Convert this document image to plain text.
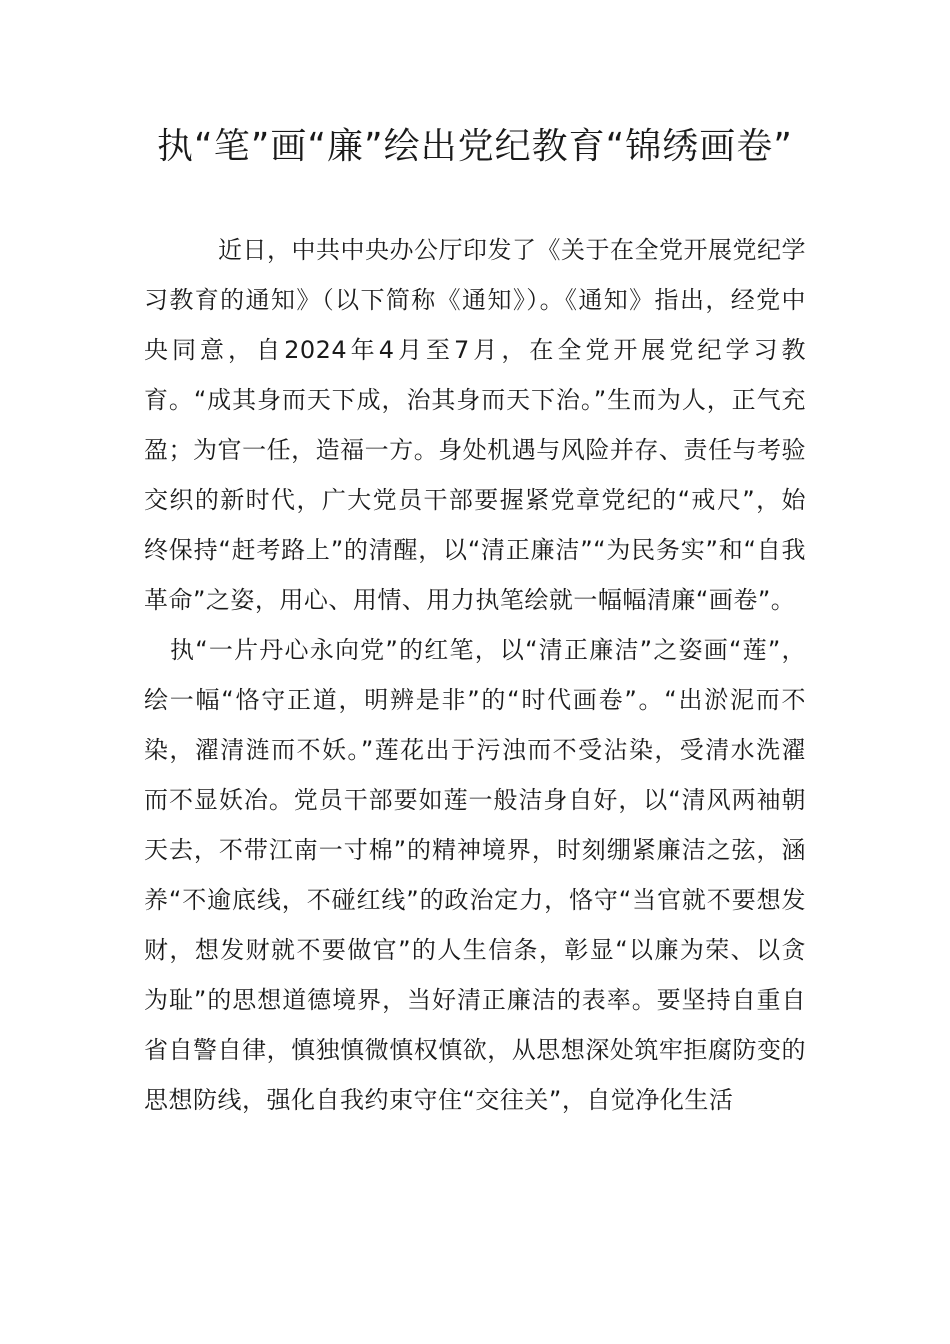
执“笔”画“廉”绘出党纪教育“锦绣画卷”

近日，中共中央办公厅印发了《关于在全党开展党纪学习教育的通知》（以下简称《通知》）。《通知》指出，经党中央同意，自2024年4月至7月，在全党开展党纪学习教育。“成其身而天下成，治其身而天下治。”生而为人，正气充盈；为官一任，造福一方。身处机遇与风险并存、责任与考验交织的新时代，广大党员干部要握紧党章党纪的“戒尺”，始终保持“赶考路上”的清醒，以“清正廉洁”“为民务实”和“自我革命”之姿，用心、用情、用力执笔绘就一幅幅清廉“画卷”。

执“一片丹心永向党”的红笔，以“清正廉洁”之姿画“莲”，绘一幅“恪守正道，明辨是非”的“时代画卷”。“出淤泥而不染，濯清涟而不妖。”莲花出于污浊而不受沾染，受清水洗濯而不显妖冶。党员干部要如莲一般洁身自好，以“清风两袖朝天去，不带江南一寸棉”的精神境界，时刻绷紧廉洁之弦，涵养“不逾底线，不碰红线”的政治定力，恪守“当官就不要想发财，想发财就不要做官”的人生信条，彰显“以廉为荣、以贪为耻”的思想道德境界，当好清正廉洁的表率。要坚持自重自省自警自律，慎独慎微慎权慎欲，从思想深处筑牢拒腐防变的思想防线，强化自我约束守住“交往关”，自觉净化生活
